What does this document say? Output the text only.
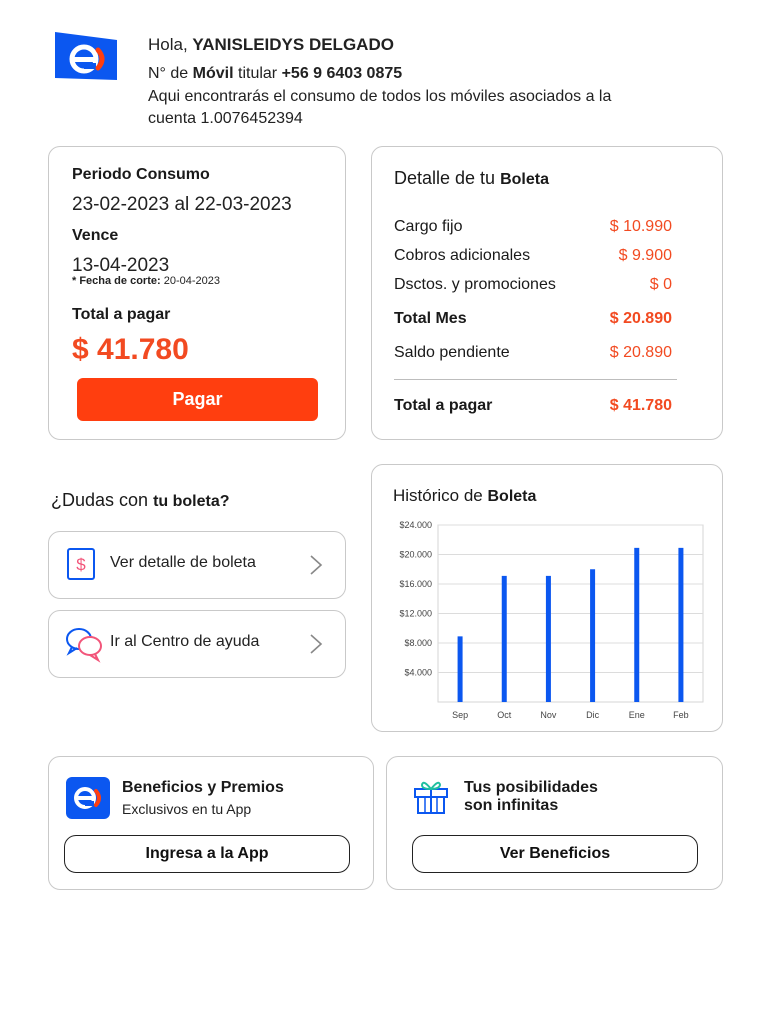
Hola, YANISLEIDYS DELGADO
N° de Móvil titular +56 9 6403 0875
Aqui encontrarás el consumo de todos los móviles asociados a la
cuenta 1.0076452394
Periodo Consumo
23-02-2023 al 22-03-2023
Vence
13-04-2023
* Fecha de corte: 20-04-2023
Total a pagar
$ 41.780
Pagar
Detalle de tu Boleta
Cargo fijo	$ 10.990
Cobros adicionales	$ 9.900
Dsctos. y promociones	$ 0
Total Mes	$ 20.890
Saldo pendiente	$ 20.890
Total a pagar	$ 41.780
¿Dudas con tu boleta?
$ Ver detalle de boleta
Ir al Centro de ayuda
Histórico de Boleta
$4.000
$8.000
$12.000
$16.000
$20.000
$24.000
Sep	Oct	Nov	Dic	Ene	Feb
Beneficios y Premios
Exclusivos en tu App
Ingresa a la App
Tus posibilidades
son infinitas
Ver Beneficios
